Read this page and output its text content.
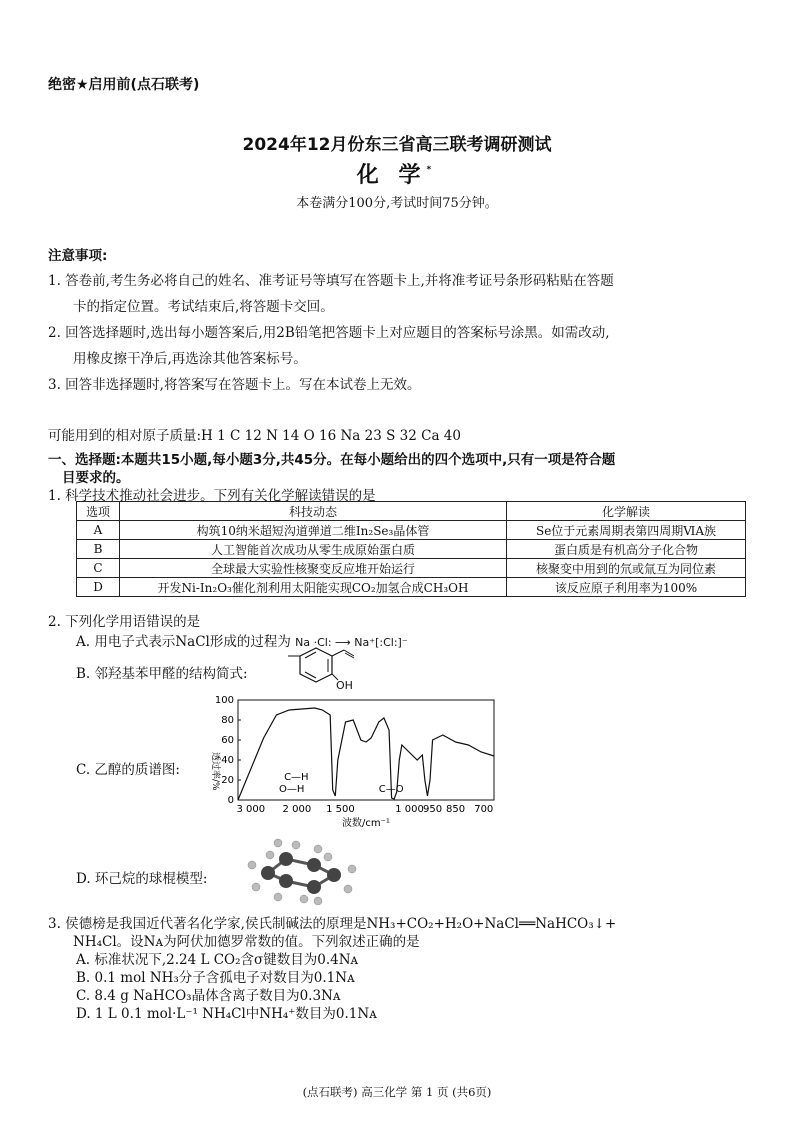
绝密★启用前(点石联考)
2024年12月份东三省高三联考调研测试
化 学*
本卷满分100分,考试时间75分钟。
注意事项:
1. 答卷前,考生务必将自己的姓名、准考证号等填写在答题卡上,并将准考证号条形码粘贴在答题
卡的指定位置。考试结束后,将答题卡交回。
2. 回答选择题时,选出每小题答案后,用2B铅笔把答题卡上对应题目的答案标号涂黑。如需改动,
用橡皮擦干净后,再选涂其他答案标号。
3. 回答非选择题时,将答案写在答题卡上。写在本试卷上无效。
可能用到的相对原子质量:H 1 C 12 N 14 O 16 Na 23 S 32 Ca 40
一、选择题:本题共15小题,每小题3分,共45分。在每小题给出的四个选项中,只有一项是符合题
目要求的。
1. 科学技术推动社会进步。下列有关化学解读错误的是
选项	科技动态	化学解读
A	构筑10纳米超短沟道弹道二维In₂Se₃晶体管	Se位于元素周期表第四周期ⅥA族
B	人工智能首次成功从零生成原始蛋白质	蛋白质是有机高分子化合物
C	全球最大实验性核聚变反应堆开始运行	核聚变中用到的氘或氚互为同位素
D	开发Ni-In₂O₃催化剂利用太阳能实现CO₂加氢合成CH₃OH	该反应原子利用率为100%
2. 下列化学用语错误的是
A. 用电子式表示NaCl形成的过程为 Na ·Cl: ⟶ Na⁺[:Cl:]⁻
B. 邻羟基苯甲醛的结构简式:
OH
C. 乙醇的质谱图:	透过率/%
100
80
60
40
20
0
3 000 2 000 1 500	1 000 950 850 700
波数/cm⁻¹
C—H
O—H	C—O
D. 环己烷的球棍模型:
3. 侯德榜是我国近代著名化学家,侯氏制碱法的原理是NH₃+CO₂+H₂O+NaCl══NaHCO₃↓+
NH₄Cl。设Nᴀ为阿伏加德罗常数的值。下列叙述正确的是
A. 标准状况下,2.24 L CO₂含σ键数目为0.4Nᴀ
B. 0.1 mol NH₃分子含孤电子对数目为0.1Nᴀ
C. 8.4 g NaHCO₃晶体含离子数目为0.3Nᴀ
D. 1 L 0.1 mol·L⁻¹ NH₄Cl中NH₄⁺数目为0.1Nᴀ
(点石联考) 高三化学 第 1 页 (共6页)
